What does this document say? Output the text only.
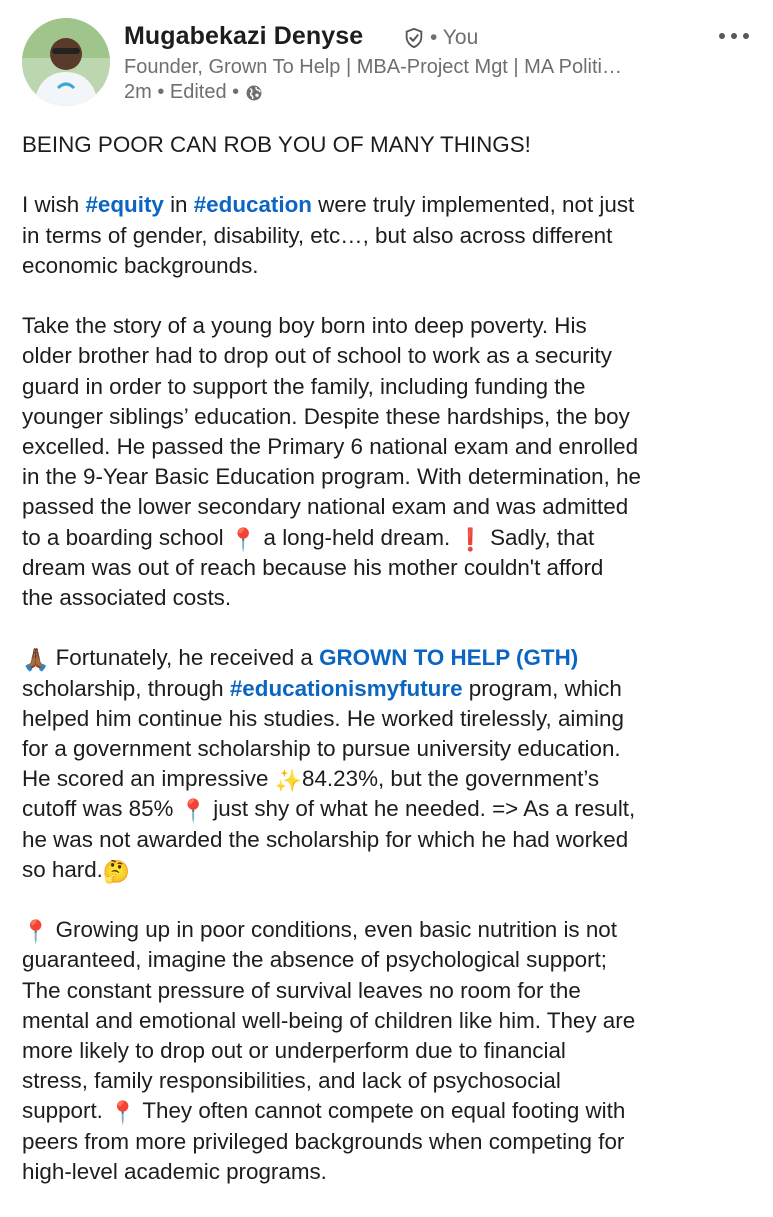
Mugabekazi Denyse	• You
Founder, Grown To Help | MBA-Project Mgt | MA Politi…
2m • Edited •

BEING POOR CAN ROB YOU OF MANY THINGS!

I wish #equity in #education were truly implemented, not just
in terms of gender, disability, etc…, but also across different
economic backgrounds.

Take the story of a young boy born into deep poverty. His
older brother had to drop out of school to work as a security
guard in order to support the family, including funding the
younger siblings’ education. Despite these hardships, the boy
excelled. He passed the Primary 6 national exam and enrolled
in the 9-Year Basic Education program. With determination, he
passed the lower secondary national exam and was admitted
to a boarding school 📍 a long-held dream. ❗ Sadly, that
dream was out of reach because his mother couldn't afford
the associated costs.

🙏🏾 Fortunately, he received a GROWN TO HELP (GTH)
scholarship, through #educationismyfuture program, which
helped him continue his studies. He worked tirelessly, aiming
for a government scholarship to pursue university education.
He scored an impressive ✨84.23%, but the government’s
cutoff was 85% 📍 just shy of what he needed. => As a result,
he was not awarded the scholarship for which he had worked
so hard.🤔

📍 Growing up in poor conditions, even basic nutrition is not
guaranteed, imagine the absence of psychological support;
The constant pressure of survival leaves no room for the
mental and emotional well-being of children like him. They are
more likely to drop out or underperform due to financial
stress, family responsibilities, and lack of psychosocial
support. 📍 They often cannot compete on equal footing with
peers from more privileged backgrounds when competing for
high-level academic programs.
